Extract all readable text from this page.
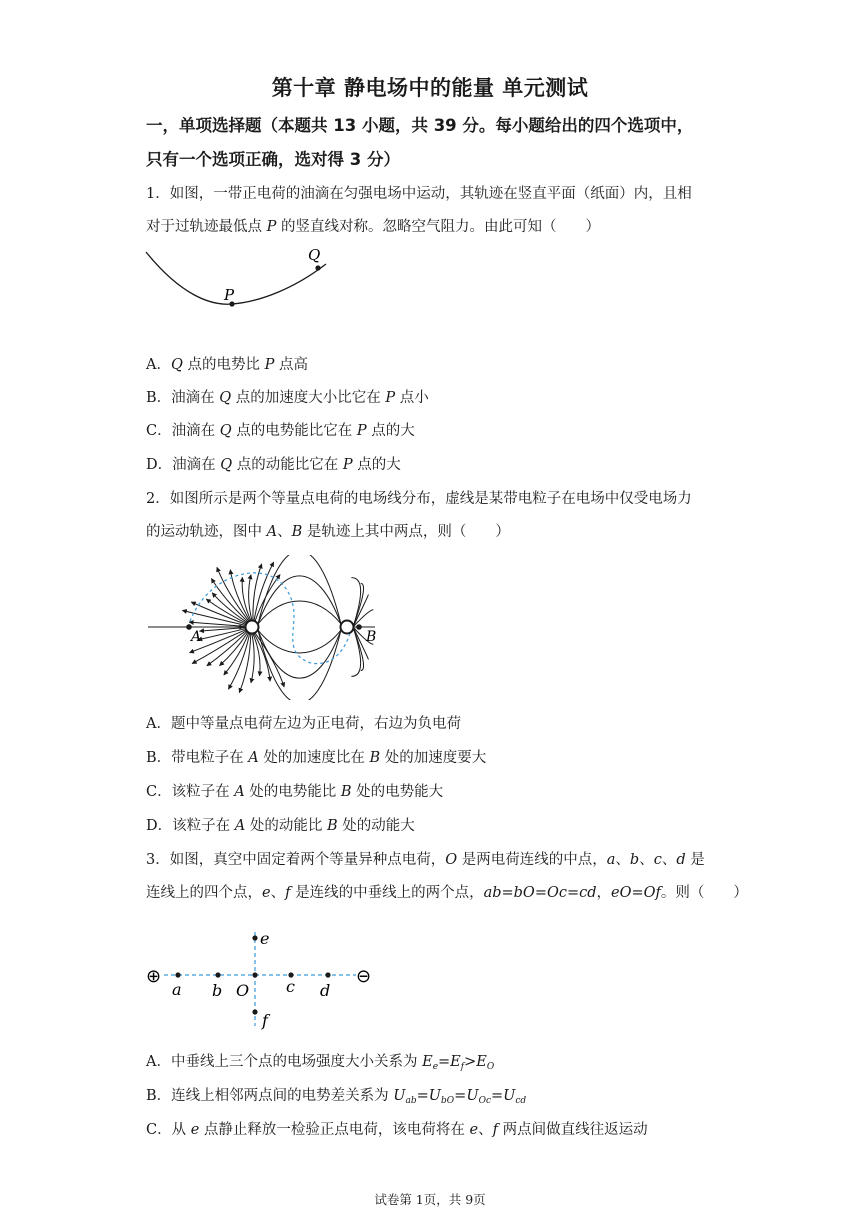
第十章 静电场中的能量 单元测试
一，单项选择题（本题共 13 小题，共 39 分。每小题给出的四个选项中，
只有一个选项正确，选对得 3 分）
1．如图，一带正电荷的油滴在匀强电场中运动，其轨迹在竖直平面（纸面）内，且相
对于过轨迹最低点 P 的竖直线对称。忽略空气阻力。由此可知（　　）
P
Q
A．Q 点的电势比 P 点高
B．油滴在 Q 点的加速度大小比它在 P 点小
C．油滴在 Q 点的电势能比它在 P 点的大
D．油滴在 Q 点的动能比它在 P 点的大
2．如图所示是两个等量点电荷的电场线分布，虚线是某带电粒子在电场中仅受电场力
的运动轨迹，图中 A、B 是轨迹上其中两点，则（　　）
A	B
A．题中等量点电荷左边为正电荷，右边为负电荷
B．带电粒子在 A 处的加速度比在 B 处的加速度要大
C．该粒子在 A 处的电势能比 B 处的电势能大
D．该粒子在 A 处的动能比 B 处的动能大
3．如图，真空中固定着两个等量异种点电荷，O 是两电荷连线的中点，a、b、c、d 是
连线上的四个点，e、f 是连线的中垂线上的两个点，ab=bO=Oc=cd，eO=Of。则（　　）
⊕	⊖
a b O c d
e
f
A．中垂线上三个点的电场强度大小关系为 $E_e=E_f>E_O$
B．连线上相邻两点间的电势差关系为 $U_{ab}=U_{bO}=U_{Oc}=U_{cd}$
C．从 e 点静止释放一检验正点电荷，该电荷将在 e、f 两点间做直线往返运动
试卷第 1页，共 9页
